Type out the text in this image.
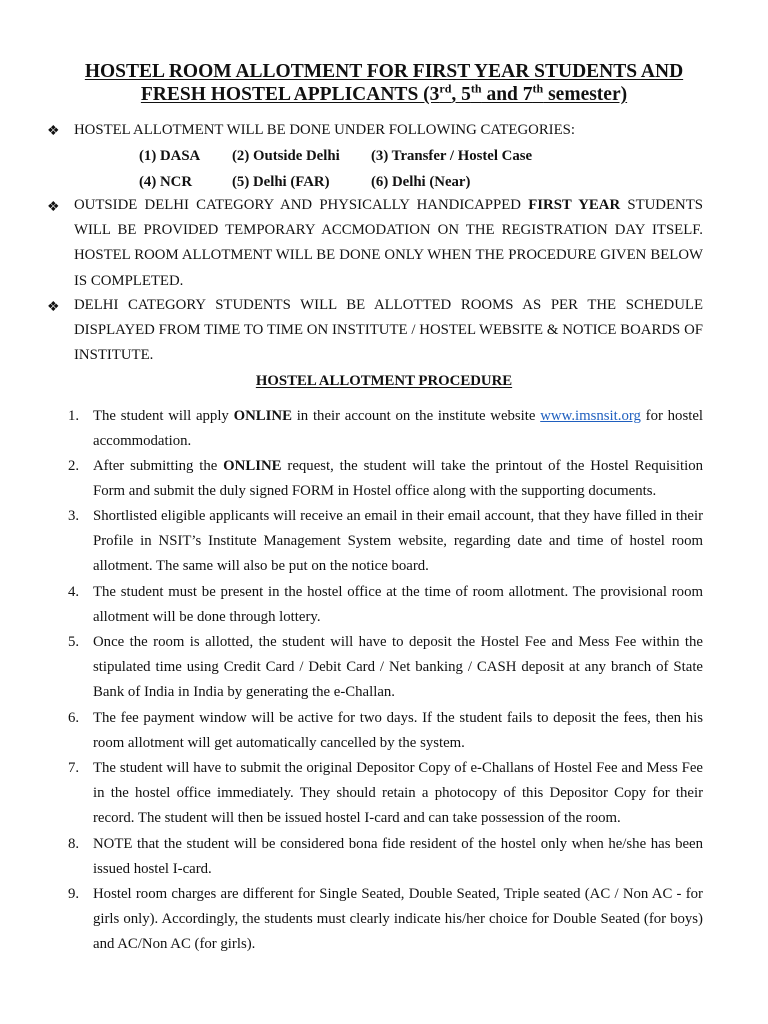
HOSTEL ROOM ALLOTMENT FOR FIRST YEAR STUDENTS AND
FRESH HOSTEL APPLICANTS (3rd, 5th and 7th semester)
❖ HOSTEL ALLOTMENT WILL BE DONE UNDER FOLLOWING CATEGORIES:

(1) DASA (2) Outside Delhi (3) Transfer / Hostel Case
(4) NCR	(5) Delhi (FAR)	(6) Delhi (Near)
❖ OUTSIDE DELHI CATEGORY AND PHYSICALLY HANDICAPPED FIRST YEAR STUDENTS WILL BE PROVIDED TEMPORARY ACCMODATION ON THE REGISTRATION DAY ITSELF. HOSTEL ROOM ALLOTMENT WILL BE DONE ONLY WHEN THE PROCEDURE GIVEN BELOW IS COMPLETED.

❖ DELHI CATEGORY STUDENTS WILL BE ALLOTTED ROOMS AS PER THE SCHEDULE DISPLAYED FROM TIME TO TIME ON INSTITUTE / HOSTEL WEBSITE & NOTICE BOARDS OF INSTITUTE.

HOSTEL ALLOTMENT PROCEDURE
1. The student will apply ONLINE in their account on the institute website www.imsnsit.org for hostel accommodation.

2. After submitting the ONLINE request, the student will take the printout of the Hostel Requisition Form and submit the duly signed FORM in Hostel office along with the supporting documents.

3. Shortlisted eligible applicants will receive an email in their email account, that they have filled in their Profile in NSIT’s Institute Management System website, regarding date and time of hostel room allotment. The same will also be put on the notice board.

4. The student must be present in the hostel office at the time of room allotment. The provisional room allotment will be done through lottery.

5. Once the room is allotted, the student will have to deposit the Hostel Fee and Mess Fee within the stipulated time using Credit Card / Debit Card / Net banking / CASH deposit at any branch of State Bank of India in India by generating the e-Challan.

6. The fee payment window will be active for two days. If the student fails to deposit the fees, then his room allotment will get automatically cancelled by the system.

7. The student will have to submit the original Depositor Copy of e-Challans of Hostel Fee and Mess Fee in the hostel office immediately. They should retain a photocopy of this Depositor Copy for their record. The student will then be issued hostel I-card and can take possession of the room.

8. NOTE that the student will be considered bona fide resident of the hostel only when he/she has been issued hostel I-card.

9. Hostel room charges are different for Single Seated, Double Seated, Triple seated (AC / Non AC - for girls only). Accordingly, the students must clearly indicate his/her choice for Double Seated (for boys) and AC/Non AC (for girls).
